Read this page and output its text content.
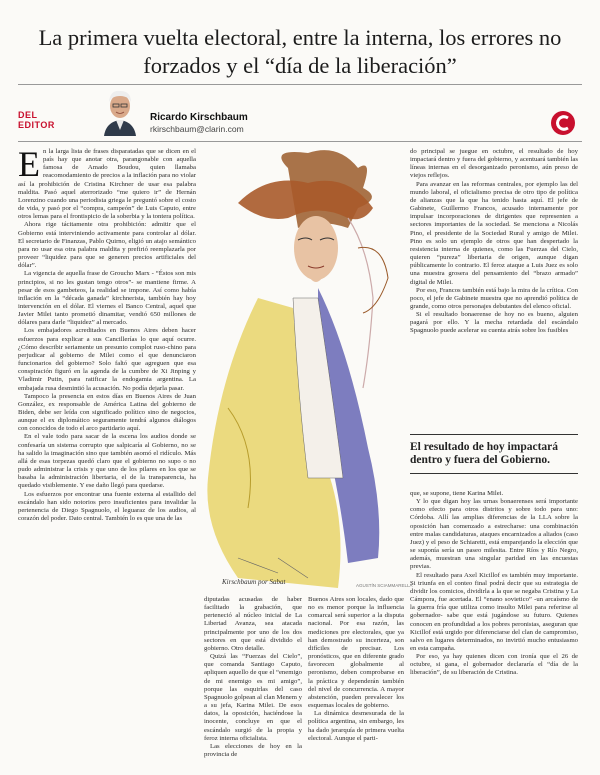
La primera vuelta electoral, entre la interna, los errores no forzados y el “día de la liberación”
DEL
EDITOR
Ricardo Kirschbaum
rkirschbaum@clarin.com

En la larga lista de frases disparatadas que se dicen en el país hay que anotar otra, parangonable con aquella famosa de Amado Boudou, quien llamaba reacomodamiento de precios a la inflación para no violar así la prohibición de Cristina Kirchner de usar esa palabra maldita. Pasó aquel aterrorizado “me quiero ir” de Hernán Lorenzino cuando una periodista griega le preguntó sobre el costo de vida, y pasó por el “compra, campeón” de Luis Caputo, entre otros lemas para el frontispicio de la soberbia y la tontera política.

Ahora rige tácitamente otra prohibición: admitir que el Gobierno está interviniendo activamente para controlar al dólar. El secretario de Finanzas, Pablo Quirno, eligió un atajo semántico para no usar esa otra palabra maldita y prefirió reemplazarla por proveer “liquidez para que se generen precios artificiales del dólar”.

La vigencia de aquella frase de Groucho Marx - “Éstos son mis principios, si no les gustan tengo otros”- se mantiene firme. A pesar de esos gambeteos, la realidad se impone. Así como había inflación en la “década ganada” kirchnerista, también hay hoy intervención en el dólar. El viernes el Banco Central, aquel que Javier Milei tanto prometió dinamitar, vendió 650 millones de dólares para darle “liquidez” al mercado.

Los embajadores acreditados en Buenos Aires deben hacer esfuerzos para explicar a sus Cancillerías lo que aquí ocurre. ¿Cómo describir seriamente un presunto complot ruso-chino para perjudicar al gobierno de Milei como el que denunciaron funcionarios del gobierno? Solo faltó que agreguen que esa conspiración figuró en la agenda de la cumbre de Xi Jinping y Vladimir Putin, para ratificar la endogamia argentina. La embajada rusa desmintió la acusación. No podía dejarla pasar.

Tampoco la presencia en estos días en Buenos Aires de Juan González, ex responsable de América Latina del gobierno de Biden, debe ser leída con significado político sino de negocios, aunque el ex diplomático seguramente tendrá algunos diálogos con conocidos de todo el arco partidario aquí.

En el vale todo para sacar de la escena los audios donde se confesaría un sistema corrupto que salpicaría al Gobierno, no se ha salido la imaginación sino que también asomó el ridículo. Más allá de esas torpezas quedó claro que el gobierno no supo o no pudo administrar la crisis y que uno de los pilares en los que se basaba la administración libertaria, el de la transparencia, ha quedado visiblemente. Y ese daño llegó para quedarse.

Los esfuerzos por encontrar una fuente externa al estallido del escándalo han sido notorios pero insuficientes para invalidar la pertenencia de Diego Spagnuolo, el leguaraz de los audios, al corazón del poder. Dato central. También lo es que una de las

Kirschbaum por Sabat	AGUSTÍN SCIAMMARELLA

diputadas acusadas de haber facilitado la grabación, que perteneció al núcleo inicial de La Libertad Avanza, sea atacada principalmente por uno de los dos sectores en que está dividido el gobierno. Otro detalle.

Quizá las “Fuerzas del Cielo”, que comanda Santiago Caputo, apliquen aquello de que el “enemigo de mi enemigo es mi amigo”, porque las esquirlas del caso Spagnuolo golpean al clan Menem y a su jefa, Karina Milei. De esos datos, la oposición, haciéndose la inocente, concluye en que el escándalo surgió de la propia y feroz interna oficialista.

Las elecciones de hoy en la provincia de

Buenos Aires son locales, dado que no es menor porque la influencia comarcal será superior a la disputa nacional. Por esa razón, las mediciones pre electorales, que ya han demostrado su incerteza, son difíciles de precisar. Los pronósticos, que en diferente grado favorecen globalmente al peronismo, deben comprobarse en la práctica y dependerán también del nivel de concurrencia. A mayor abstención, pueden prevalecer los esquemas locales de gobierno.

La dinámica desmesurada de la política argentina, sin embargo, les ha dado jerarquía de primera vuelta electoral. Aunque el parti-

do principal se juegue en octubre, el resultado de hoy impactará dentro y fuera del gobierno, y acentuará también las líneas internas en el desorganizado peronismo, aún preso de viejos reflejos.

Para avanzar en las reformas centrales, por ejemplo las del mundo laboral, el oficialismo precisa de otro tipo de política de alianzas que la que ha tenido hasta aquí. El jefe de Gabinete, Guillermo Francos, acusado internamente por impulsar incorporaciones de dirigentes que representen a sectores importantes de la sociedad. Se menciona a Nicolás Pino, el presidente de la Sociedad Rural y amigo de Milei. Pino es solo un ejemplo de otros que han despertado la resistencia interna de quienes, como las Fuerzas del Cielo, quieren “pureza” libertaria de origen, aunque digan públicamente lo contrario. El feroz ataque a Luis Juez es solo una muestra grosera del pensamiento del “brazo armado” digital de Milei.

Por eso, Francos también está bajo la mira de la crítica. Con poco, el jefe de Gabinete muestra que no aprendió política de grande, como otros personajes debutantes del elenco oficial.

Si el resultado bonaerense de hoy no es bueno, alguien pagará por ello. Y la mecha retardada del escándalo Spagnuolo puede acelerar su cuenta atrás sobre los fusibles

El resultado de hoy impactará dentro y fuera del Gobierno.

que, se supone, tiene Karina Milei.

Y lo que digan hoy las urnas bonaerenses será importante como efecto para otros distritos y sobre todo para uno: Córdoba. Allí las amplias diferencias de la LLA sobre la oposición han comenzado a estrecharse: una combinación entre malas candidaturas, ataques encarnizados a aliados (caso Juez) y el peso de Schiaretti, está emparejando la elección que se suponía sería un paseo milesita. Entre Ríos y Río Negro, además, muestran una singular paridad en las encuestas previas.

El resultado para Axel Kicillof es también muy importante. Si triunfa en el conteo final podrá decir que su estrategia de dividir los comicios, dividirla a la que se negaba Cristina y La Cámpora, fue acertada. El “enano sovietico” -un arcaísmo de la guerra fría que utiliza como insulto Milei para referirse al gobernador- sabe que está jugándose su futuro. Quienes conocen en profundidad a los pobres peronistas, aseguran que Kicillof está urgido por diferenciarse del clan de campromiso, salvo en lugares determinados, no invirtió mucho entusiasmo en esta campaña.

Por eso, ya hay quienes dicen con ironía que el 26 de octubre, si gana, el gobernador declararía el “día de la liberación”, de su liberación de Cristina.
